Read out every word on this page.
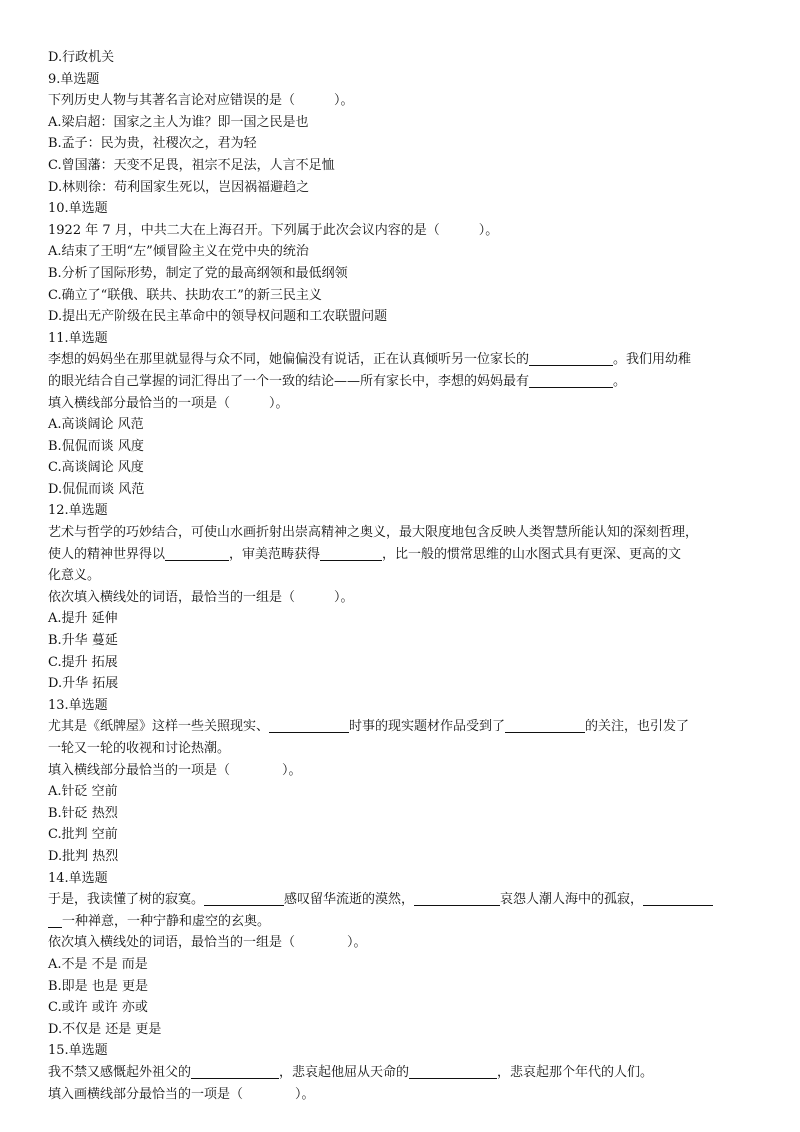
D.行政机关
9.单选题
下列历史人物与其著名言论对应错误的是（　　　）。
A.梁启超：国家之主人为谁？即一国之民是也
B.孟子：民为贵，社稷次之，君为轻
C.曾国藩：天变不足畏，祖宗不足法，人言不足恤
D.林则徐：苟利国家生死以，岂因祸福避趋之
10.单选题
1922 年 7 月，中共二大在上海召开。下列属于此次会议内容的是（　　　）。
A.结束了王明“左”倾冒险主义在党中央的统治
B.分析了国际形势，制定了党的最高纲领和最低纲领
C.确立了“联俄、联共、扶助农工”的新三民主义
D.提出无产阶级在民主革命中的领导权问题和工农联盟问题
11.单选题
李想的妈妈坐在那里就显得与众不同，她偏偏没有说话，正在认真倾听另一位家长的	。我们用幼稚
的眼光结合自己掌握的词汇得出了一个一致的结论——所有家长中，李想的妈妈最有	。
填入横线部分最恰当的一项是（　　　）。
A.高谈阔论 风范
B.侃侃而谈 风度
C.高谈阔论 风度
D.侃侃而谈 风范
12.单选题
艺术与哲学的巧妙结合，可使山水画折射出崇高精神之奥义，最大限度地包含反映人类智慧所能认知的深刻哲理，
使人的精神世界得以	，审美范畴获得	，比一般的惯常思维的山水图式具有更深、更高的文
化意义。
依次填入横线处的词语，最恰当的一组是（　　　）。
A.提升 延伸
B.升华 蔓延
C.提升 拓展
D.升华 拓展
13.单选题
尤其是《纸牌屋》这样一些关照现实、	时事的现实题材作品受到了	的关注，也引发了
一轮又一轮的收视和讨论热潮。
填入横线部分最恰当的一项是（　　　　）。
A.针砭 空前
B.针砭 热烈
C.批判 空前
D.批判 热烈
14.单选题
于是，我读懂了树的寂寞。	感叹留华流逝的漠然，	哀怨人潮人海中的孤寂，
一种禅意，一种宁静和虚空的玄奥。
依次填入横线处的词语，最恰当的一组是（　　　　）。
A.不是 不是 而是
B.即是 也是 更是
C.或许 或许 亦或
D.不仅是 还是 更是
15.单选题
我不禁又感慨起外祖父的	，悲哀起他屈从天命的	，悲哀起那个年代的人们。
填入画横线部分最恰当的一项是（　　　　）。
